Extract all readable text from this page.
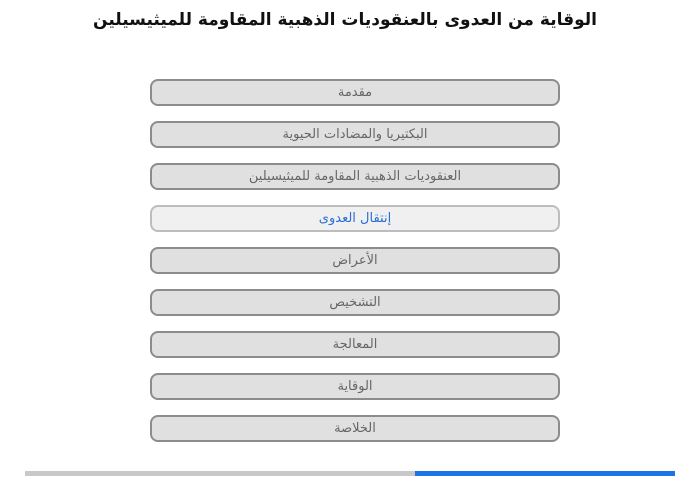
الوقاية من العدوى بالعنقوديات الذهبية المقاومة للميثيسيلين
مقدمة
البكتيريا والمضادات الحيوية
العنقوديات الذهبية المقاومة للميثيسيلين
إنتقال العدوى
الأعراض
التشخيص
المعالجة
الوقاية
الخلاصة
